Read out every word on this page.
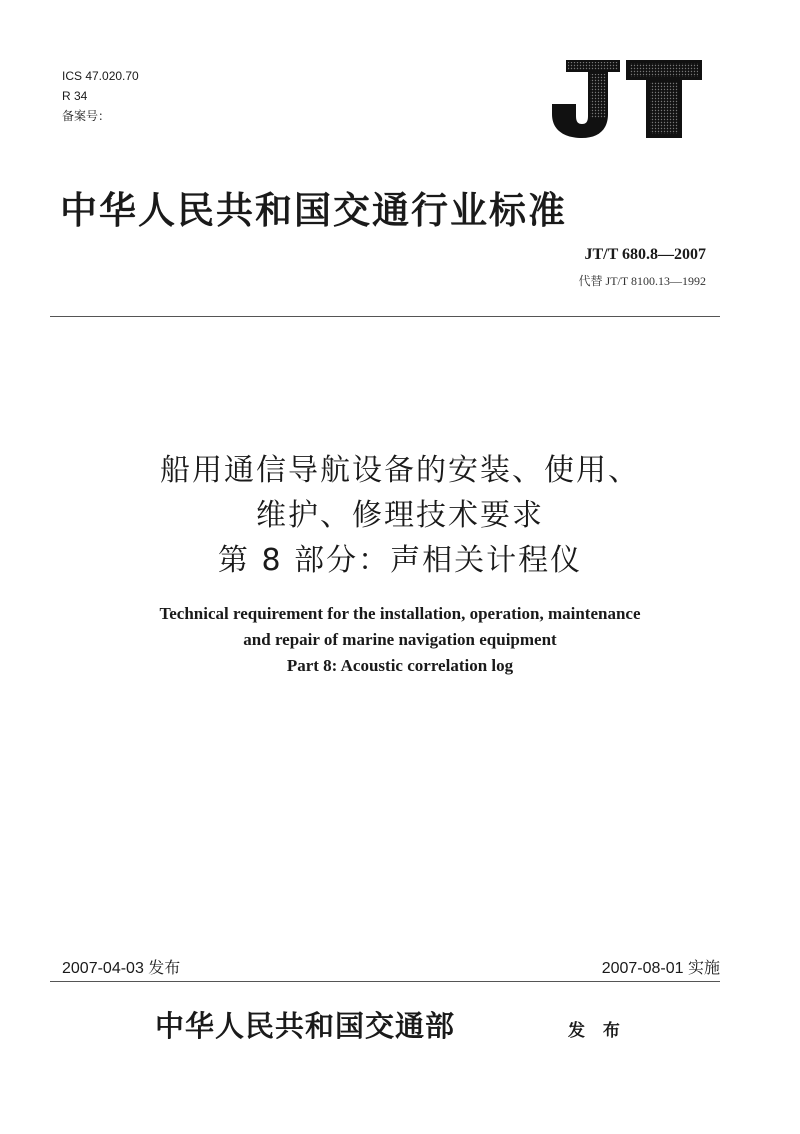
ICS 47.020.70
R 34
备案号：
中华人民共和国交通行业标准
JT/T 680.8—2007
代替 JT/T 8100.13—1992
船用通信导航设备的安装、使用、
维护、修理技术要求
第 8 部分：声相关计程仪
Technical requirement for the installation, operation, maintenance
and repair of marine navigation equipment
Part 8: Acoustic correlation log
2007-04-03 发布	2007-08-01 实施
中华人民共和国交通部	发 布
